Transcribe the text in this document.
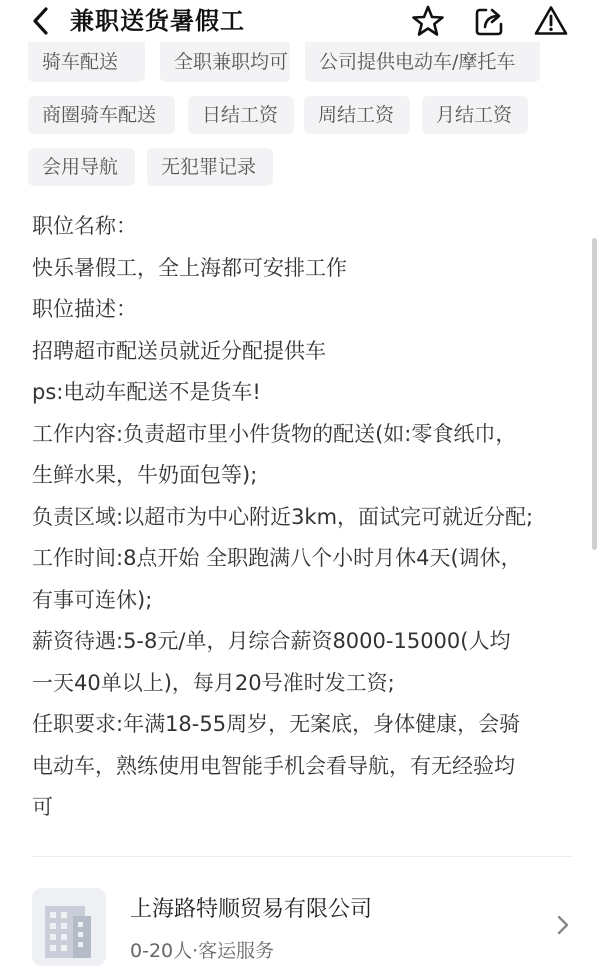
兼职送货暑假工
骑车配送	全职兼职均可	公司提供电动车/摩托车
商圈骑车配送	日结工资	周结工资	月结工资
会用导航	无犯罪记录
职位名称：
快乐暑假工，全上海都可安排工作
职位描述：
招聘超市配送员就近分配提供车
ps:电动车配送不是货车!
工作内容:负责超市里小件货物的配送(如:零食纸巾，
生鲜水果，牛奶面包等);
负责区域:以超市为中心附近3km，面试完可就近分配;
工作时间:8点开始 全职跑满八个小时月休4天(调休，
有事可连休);
薪资待遇:5-8元/单，月综合薪资8000-15000(人均
一天40单以上)，每月20号准时发工资;
任职要求:年满18-55周岁，无案底，身体健康，会骑
电动车，熟练使用电智能手机会看导航，有无经验均
可
上海路特顺贸易有限公司
0-20人·客运服务
